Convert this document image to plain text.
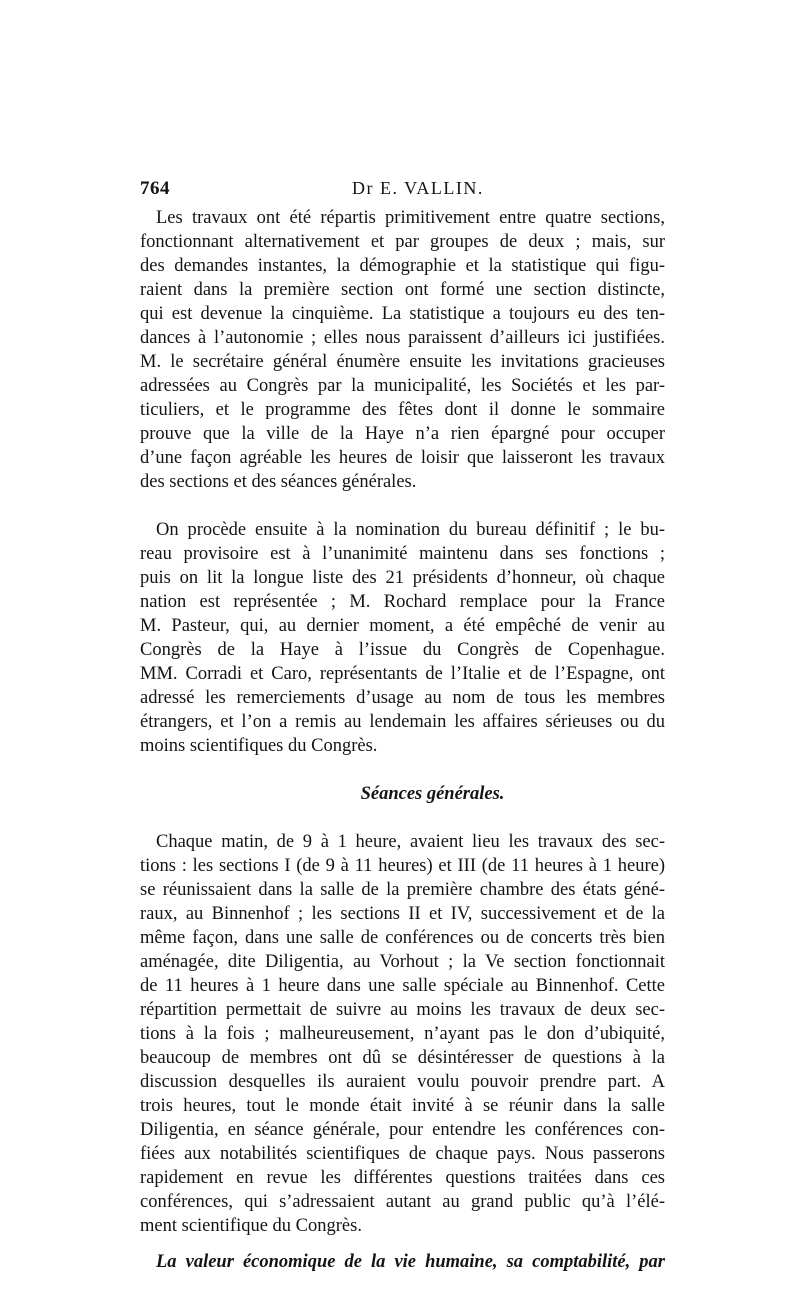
764	Dr E. VALLIN.
Les travaux ont été répartis primitivement entre quatre sections,
fonctionnant alternativement et par groupes de deux ; mais, sur
des demandes instantes, la démographie et la statistique qui figu-
raient dans la première section ont formé une section distincte,
qui est devenue la cinquième. La statistique a toujours eu des ten-
dances à l’autonomie ; elles nous paraissent d’ailleurs ici justifiées.
M. le secrétaire général énumère ensuite les invitations gracieuses
adressées au Congrès par la municipalité, les Sociétés et les par-
ticuliers, et le programme des fêtes dont il donne le sommaire
prouve que la ville de la Haye n’a rien épargné pour occuper
d’une façon agréable les heures de loisir que laisseront les travaux
des sections et des séances générales.
On procède ensuite à la nomination du bureau définitif ; le bu-
reau provisoire est à l’unanimité maintenu dans ses fonctions ;
puis on lit la longue liste des 21 présidents d’honneur, où chaque
nation est représentée ; M. Rochard remplace pour la France
M. Pasteur, qui, au dernier moment, a été empêché de venir au
Congrès de la Haye à l’issue du Congrès de Copenhague.
MM. Corradi et Caro, représentants de l’Italie et de l’Espagne, ont
adressé les remerciements d’usage au nom de tous les membres
étrangers, et l’on a remis au lendemain les affaires sérieuses ou du
moins scientifiques du Congrès.
Séances générales.
Chaque matin, de 9 à 1 heure, avaient lieu les travaux des sec-
tions : les sections I (de 9 à 11 heures) et III (de 11 heures à 1 heure)
se réunissaient dans la salle de la première chambre des états géné-
raux, au Binnenhof ; les sections II et IV, successivement et de la
même façon, dans une salle de conférences ou de concerts très bien
aménagée, dite Diligentia, au Vorhout ; la Ve section fonctionnait
de 11 heures à 1 heure dans une salle spéciale au Binnenhof. Cette
répartition permettait de suivre au moins les travaux de deux sec-
tions à la fois ; malheureusement, n’ayant pas le don d’ubiquité,
beaucoup de membres ont dû se désintéresser de questions à la
discussion desquelles ils auraient voulu pouvoir prendre part. A
trois heures, tout le monde était invité à se réunir dans la salle
Diligentia, en séance générale, pour entendre les conférences con-
fiées aux notabilités scientifiques de chaque pays. Nous passerons
rapidement en revue les différentes questions traitées dans ces
conférences, qui s’adressaient autant au grand public qu’à l’élé-
ment scientifique du Congrès.
La valeur économique de la vie humaine, sa comptabilité, par
